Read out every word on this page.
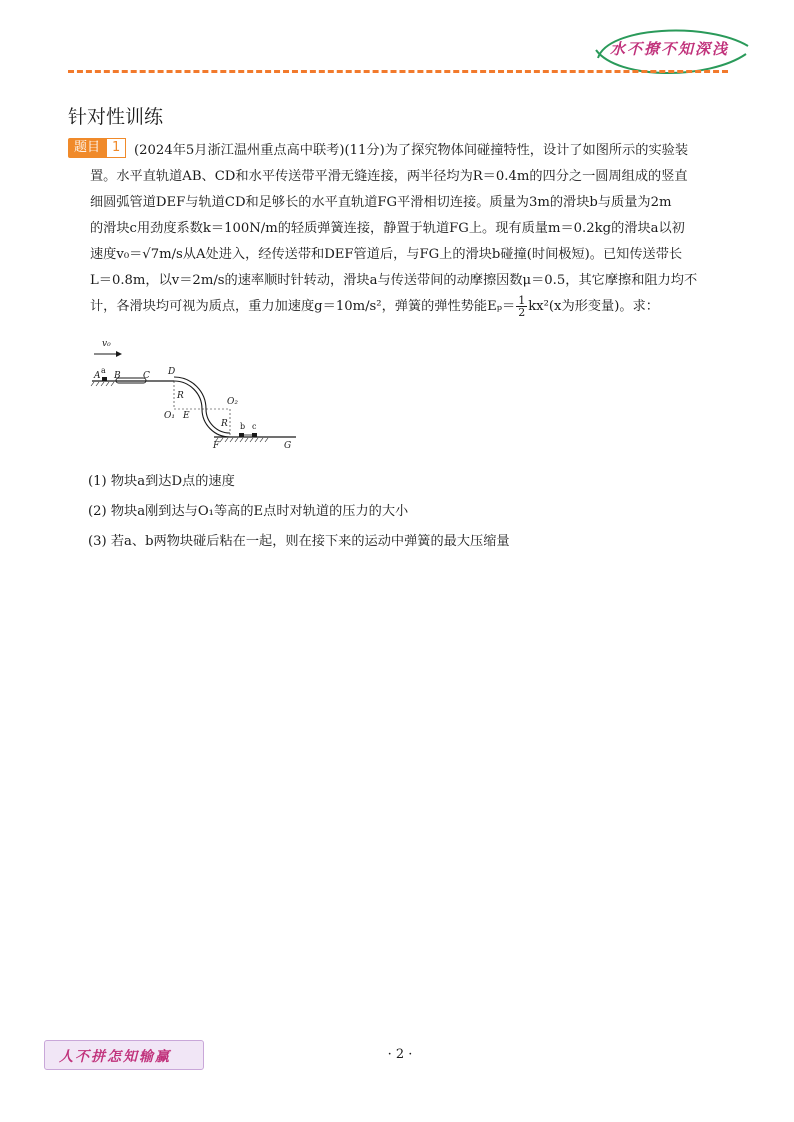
水不撩不知深浅
针对性训练
题目 1	(2024年5月浙江温州重点高中联考)(11分)为了探究物体间碰撞特性，设计了如图所示的实验装
置。水平直轨道AB、CD和水平传送带平滑无缝连接，两半径均为R＝0.4m的四分之一圆周组成的竖直
细圆弧管道DEF与轨道CD和足够长的水平直轨道FG平滑相切连接。质量为3m的滑块b与质量为2m
的滑块c用劲度系数k＝100N/m的轻质弹簧连接，静置于轨道FG上。现有质量m＝0.2kg的滑块a以初
速度v₀＝√7m/s从A处进入，经传送带和DEF管道后，与FG上的滑块b碰撞(时间极短)。已知传送带长
L＝0.8m，以v＝2m/s的速率顺时针转动，滑块a与传送带间的动摩擦因数μ＝0.5，其它摩擦和阻力均不
计，各滑块均可视为质点，重力加速度g＝10m/s²，弹簧的弹性势能$E_p= \frac{1}{2} kx^2(x$为形变量)。求：
v₀
A
a
B C D
R
O₁ E
O₂
R b c
F	G
(1) 物块a到达D点的速度
(2) 物块a刚到达与O₁等高的E点时对轨道的压力的大小
(3) 若a、b两物块碰后粘在一起，则在接下来的运动中弹簧的最大压缩量
人不拼怎知输赢	· 2 ·
